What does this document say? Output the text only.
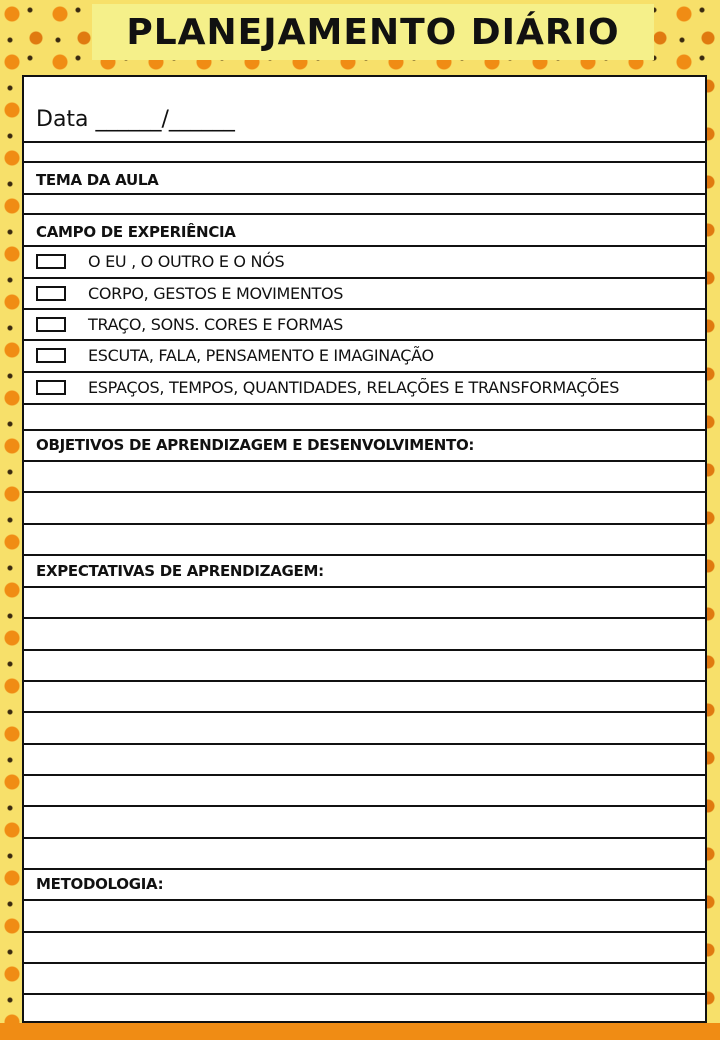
PLANEJAMENTO DIÁRIO
Data ______/______
TEMA DA AULA
CAMPO DE EXPERIÊNCIA
OBJETIVOS DE APRENDIZAGEM E DESENVOLVIMENTO:
EXPECTATIVAS DE APRENDIZAGEM:
METODOLOGIA:
O EU , O OUTRO E O NÓS
CORPO, GESTOS E MOVIMENTOS
TRAÇO, SONS. CORES E FORMAS
ESCUTA, FALA, PENSAMENTO E IMAGINAÇÃO
ESPAÇOS, TEMPOS, QUANTIDADES, RELAÇÕES E TRANSFORMAÇÕES
